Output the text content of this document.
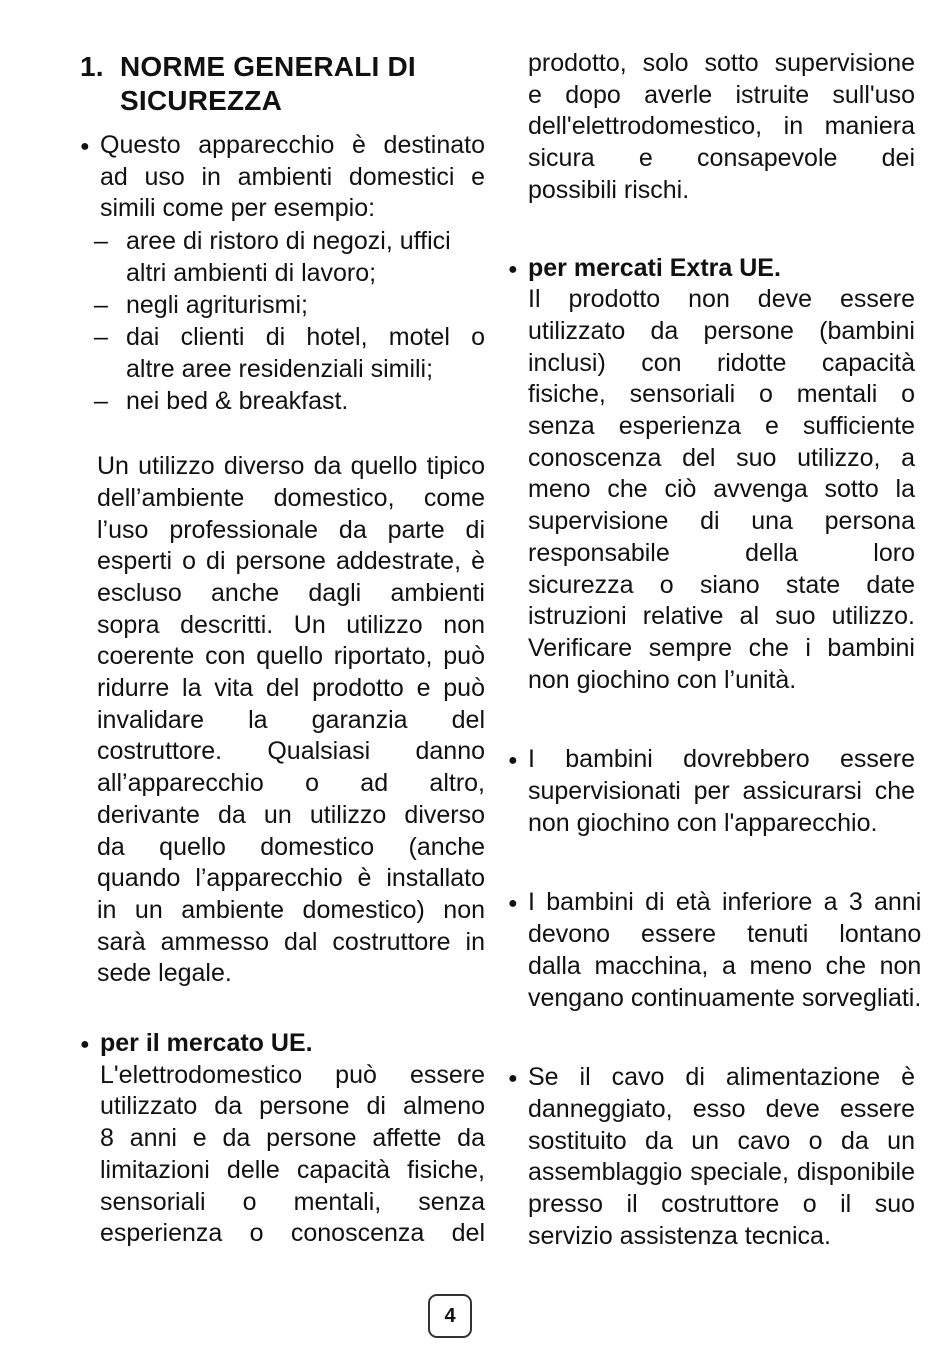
1. NORME GENERALI DI
SICUREZZA
● Questo apparecchio è destinato
ad uso in ambienti domestici e
simili come per esempio:
– aree di ristoro di negozi, uffici
altri ambienti di lavoro;
– negli agriturismi;
– dai clienti di hotel, motel o
altre aree residenziali simili;
– nei bed & breakfast.
Un utilizzo diverso da quello tipico
dell’ambiente domestico, come
l’uso professionale da parte di
esperti o di persone addestrate, è
escluso anche dagli ambienti
sopra descritti. Un utilizzo non
coerente con quello riportato, può
ridurre la vita del prodotto e può
invalidare la garanzia del
costruttore. Qualsiasi danno
all’apparecchio o ad altro,
derivante da un utilizzo diverso
da quello domestico (anche
quando l’apparecchio è installato
in un ambiente domestico) non
sarà ammesso dal costruttore in
sede legale.
● per il mercato UE.
L'elettrodomestico può essere
utilizzato da persone di almeno
8 anni e da persone affette da
limitazioni delle capacità fisiche,
sensoriali o mentali, senza
esperienza o conoscenza del
prodotto, solo sotto supervisione
e dopo averle istruite sull'uso
dell'elettrodomestico, in maniera
sicura e consapevole dei
possibili rischi.
● per mercati Extra UE.
Il prodotto non deve essere
utilizzato da persone (bambini
inclusi) con ridotte capacità
fisiche, sensoriali o mentali o
senza esperienza e sufficiente
conoscenza del suo utilizzo, a
meno che ciò avvenga sotto la
supervisione di una persona
responsabile della loro
sicurezza o siano state date
istruzioni relative al suo utilizzo.
Verificare sempre che i bambini
non giochino con l’unità.
● I bambini dovrebbero essere
supervisionati per assicurarsi che
non giochino con l'apparecchio.
● I bambini di età inferiore a 3 anni
devono essere tenuti lontano
dalla macchina, a meno che non
vengano continuamente sorvegliati.
● Se il cavo di alimentazione è
danneggiato, esso deve essere
sostituito da un cavo o da un
assemblaggio speciale, disponibile
presso il costruttore o il suo
servizio assistenza tecnica.
4
